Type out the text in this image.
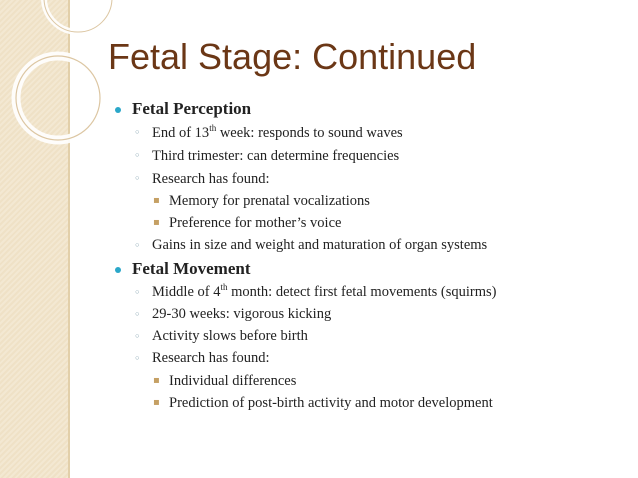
Fetal Stage: Continued
Fetal Perception
◦ End of 13th week: responds to sound waves
◦ Third trimester: can determine frequencies
◦ Research has found:
▪ Memory for prenatal vocalizations
▪ Preference for mother’s voice
◦ Gains in size and weight and maturation of organ systems
Fetal Movement
◦ Middle of 4th month: detect first fetal movements (squirms)
◦ 29-30 weeks: vigorous kicking
◦ Activity slows before birth
◦ Research has found:
▪ Individual differences
▪ Prediction of post-birth activity and motor development
